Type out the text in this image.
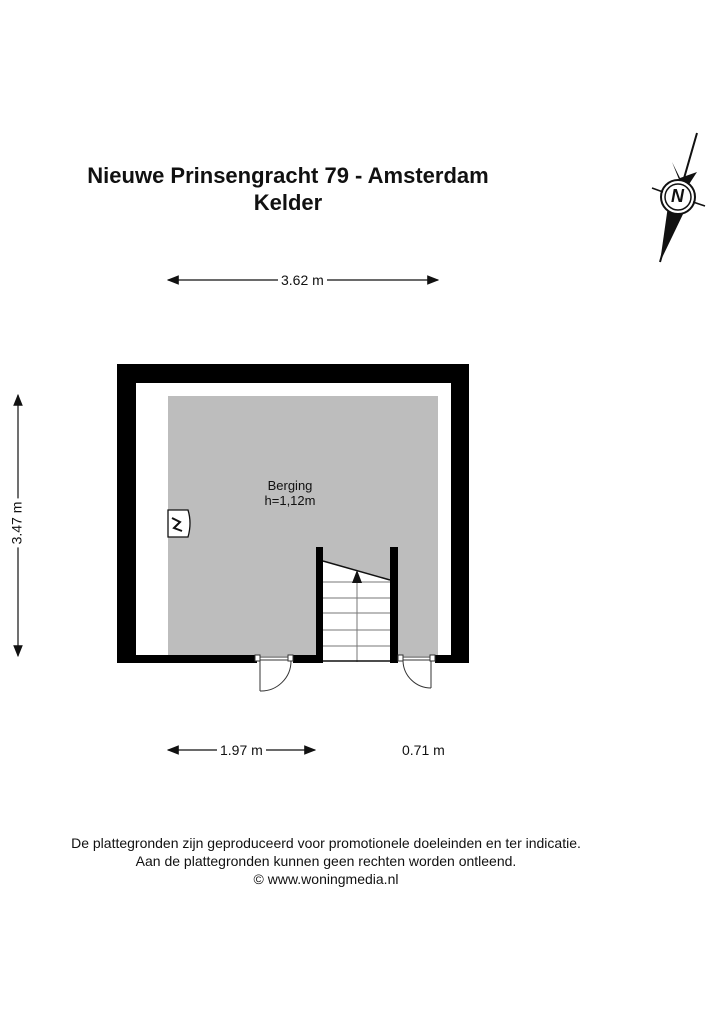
Nieuwe Prinsengracht 79 - Amsterdam
Kelder
3.62 m
3.47 m
1.97 m	0.71 m
Berging
h=1,12m
N
De plattegronden zijn geproduceerd voor promotionele doeleinden en ter indicatie.
Aan de plattegronden kunnen geen rechten worden ontleend.
© www.woningmedia.nl
